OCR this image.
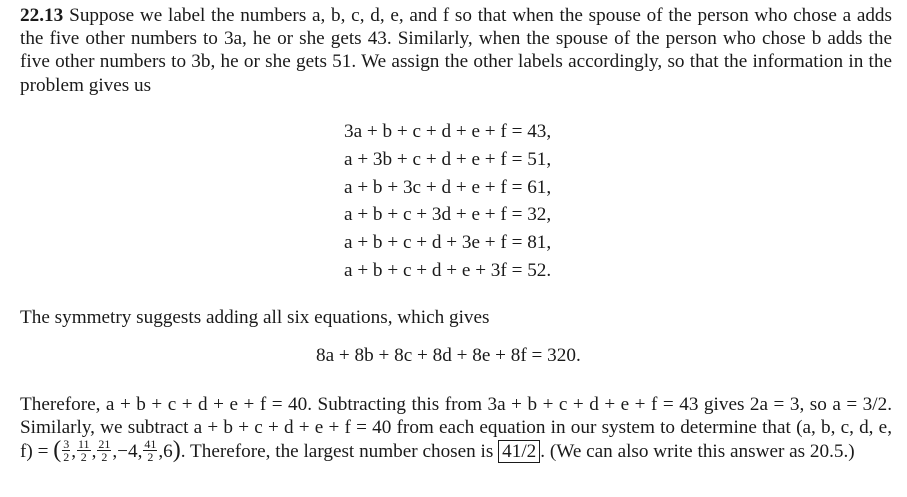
22.13 Suppose we label the numbers a, b, c, d, e, and f so that when the spouse of the person who chose a adds the five other numbers to 3a, he or she gets 43. Similarly, when the spouse of the person who chose b adds the five other numbers to 3b, he or she gets 51. We assign the other labels accordingly, so that the information in the problem gives us

3a + b + c + d + e + f = 43,
a + 3b + c + d + e + f = 51,
a + b + 3c + d + e + f = 61,
a + b + c + 3d + e + f = 32,
a + b + c + d + 3e + f = 81,
a + b + c + d + e + 3f = 52.

The symmetry suggests adding all six equations, which gives

8a + 8b + 8c + 8d + 8e + 8f = 320.

Therefore, a + b + c + d + e + f = 40. Subtracting this from 3a + b + c + d + e + f = 43 gives 2a = 3, so a = 3/2. Similarly, we subtract a + b + c + d + e + f = 40 from each equation in our system to determine that (a, b, c, d, e, f) = ( $\frac{3}{2}$ , $\frac{11}{2}$ , $\frac{21}{2} ,-4$, $\frac{41}{2} ,6$). Therefore, the largest number chosen is 41/2 . (We can also write this answer as 20.5.)
